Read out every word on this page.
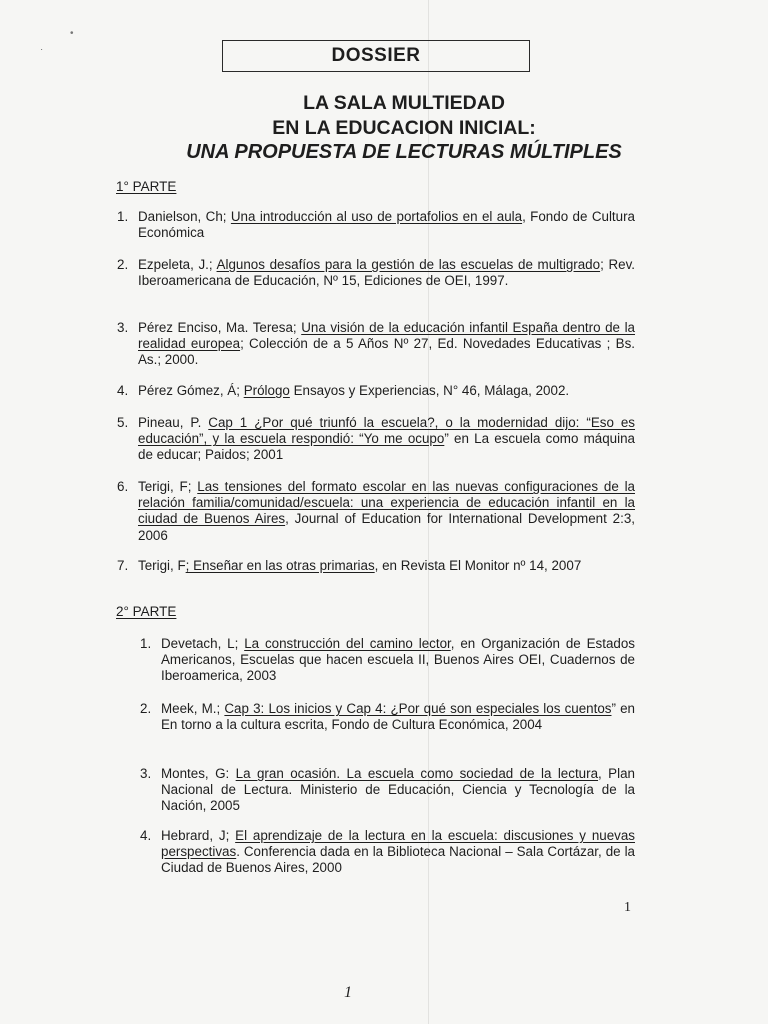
⋅
•
DOSSIER
LA SALA MULTIEDAD
EN LA EDUCACION INICIAL:
UNA PROPUESTA DE LECTURAS MÚLTIPLES
1° PARTE
1. Danielson, Ch; Una introducción al uso de portafolios en el aula, Fondo de Cultura Económica
2. Ezpeleta, J.; Algunos desafíos para la gestión de las escuelas de multigrado; Rev. Iberoamericana de Educación, Nº 15, Ediciones de OEI, 1997.
3. Pérez Enciso, Ma. Teresa; Una visión de la educación infantil España dentro de la realidad europea; Colección de a 5 Años Nº 27, Ed. Novedades Educativas ; Bs. As.; 2000.
4. Pérez Gómez, Á; Prólogo Ensayos y Experiencias, N° 46, Málaga, 2002.
5. Pineau, P. Cap 1 ¿Por qué triunfó la escuela?, o la modernidad dijo: “Eso es educación”, y la escuela respondió: “Yo me ocupo” en La escuela como máquina de educar; Paidos; 2001
6. Terigi, F; Las tensiones del formato escolar en las nuevas configuraciones de la relación familia/comunidad/escuela: una experiencia de educación infantil en la ciudad de Buenos Aires, Journal of Education for International Development 2:3, 2006
7. Terigi, F; Enseñar en las otras primarias, en Revista El Monitor nº 14, 2007
2° PARTE
1. Devetach, L; La construcción del camino lector, en Organización de Estados Americanos, Escuelas que hacen escuela II, Buenos Aires OEI, Cuadernos de Iberoamerica, 2003
2. Meek, M.; Cap 3: Los inicios y Cap 4: ¿Por qué son especiales los cuentos” en En torno a la cultura escrita, Fondo de Cultura Económica, 2004
3. Montes, G: La gran ocasión. La escuela como sociedad de la lectura, Plan Nacional de Lectura. Ministerio de Educación, Ciencia y Tecnología de la Nación, 2005
4. Hebrard, J; El aprendizaje de la lectura en la escuela: discusiones y nuevas perspectivas. Conferencia dada en la Biblioteca Nacional – Sala Cortázar, de la Ciudad de Buenos Aires, 2000
1
1
